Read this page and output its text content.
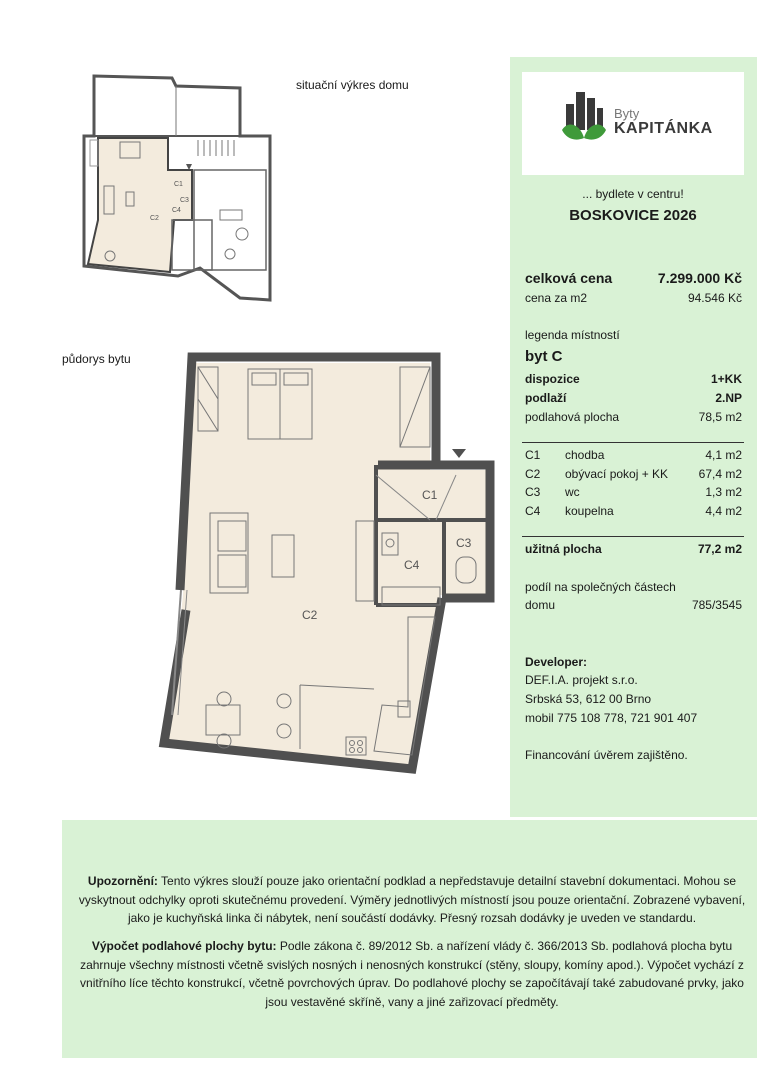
situační výkres domu
C1
C2
C3
C4
půdorys bytu
C1
C2
C3
C4
Byty
KAPITÁNKA
... bydlete v centru!
BOSKOVICE 2026
celková cena	7.299.000 Kč
cena za m2	94.546 Kč
legenda místností
byt C
dispozice	1+KK
podlaží	2.NP
podlahová plocha	78,5 m2
C1 chodba	4,1 m2
C2 obývací pokoj + KK	67,4 m2
C3 wc	1,3 m2
C4 koupelna	4,4 m2
užitná plocha	77,2 m2
podíl na společných částech
domu	785/3545
Developer:
DEF.I.A. projekt s.r.o.
Srbská 53, 612 00 Brno
mobil 775 108 778, 721 901 407
Financování úvěrem zajištěno.
Upozornění: Tento výkres slouží pouze jako orientační podklad a nepředstavuje detailní stavební dokumentaci. Mohou se vyskytnout odchylky oproti skutečnému provedení. Výměry jednotlivých místností jsou pouze orientační. Zobrazené vybavení, jako je kuchyňská linka či nábytek, není součástí dodávky. Přesný rozsah dodávky je uveden ve standardu.
Výpočet podlahové plochy bytu: Podle zákona č. 89/2012 Sb. a nařízení vlády č. 366/2013 Sb. podlahová plocha bytu zahrnuje všechny místnosti včetně svislých nosných i nenosných konstrukcí (stěny, sloupy, komíny apod.). Výpočet vychází z vnitřního líce těchto konstrukcí, včetně povrchových úprav. Do podlahové plochy se započítávají také zabudované prvky, jako jsou vestavěné skříně, vany a jiné zařizovací předměty.
